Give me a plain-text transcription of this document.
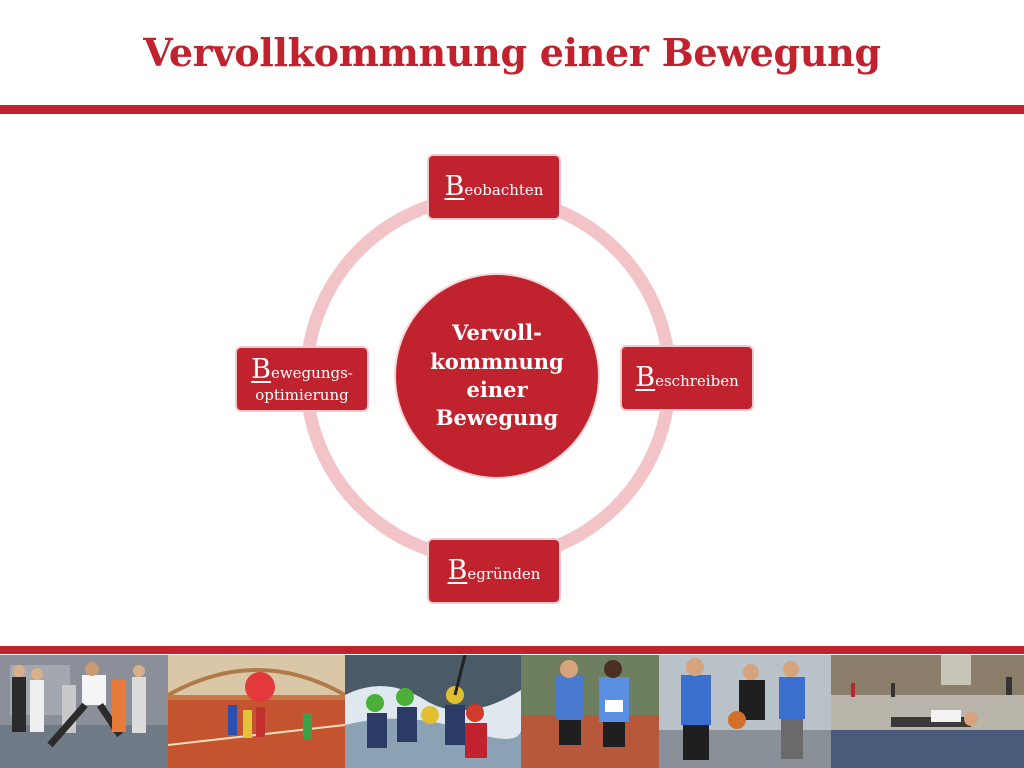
Vervollkommnung einer Bewegung
Vervoll-
kommnung
einer
Bewegung
Beobachten
Beschreiben
Begründen
Bewegungs-
optimierung
